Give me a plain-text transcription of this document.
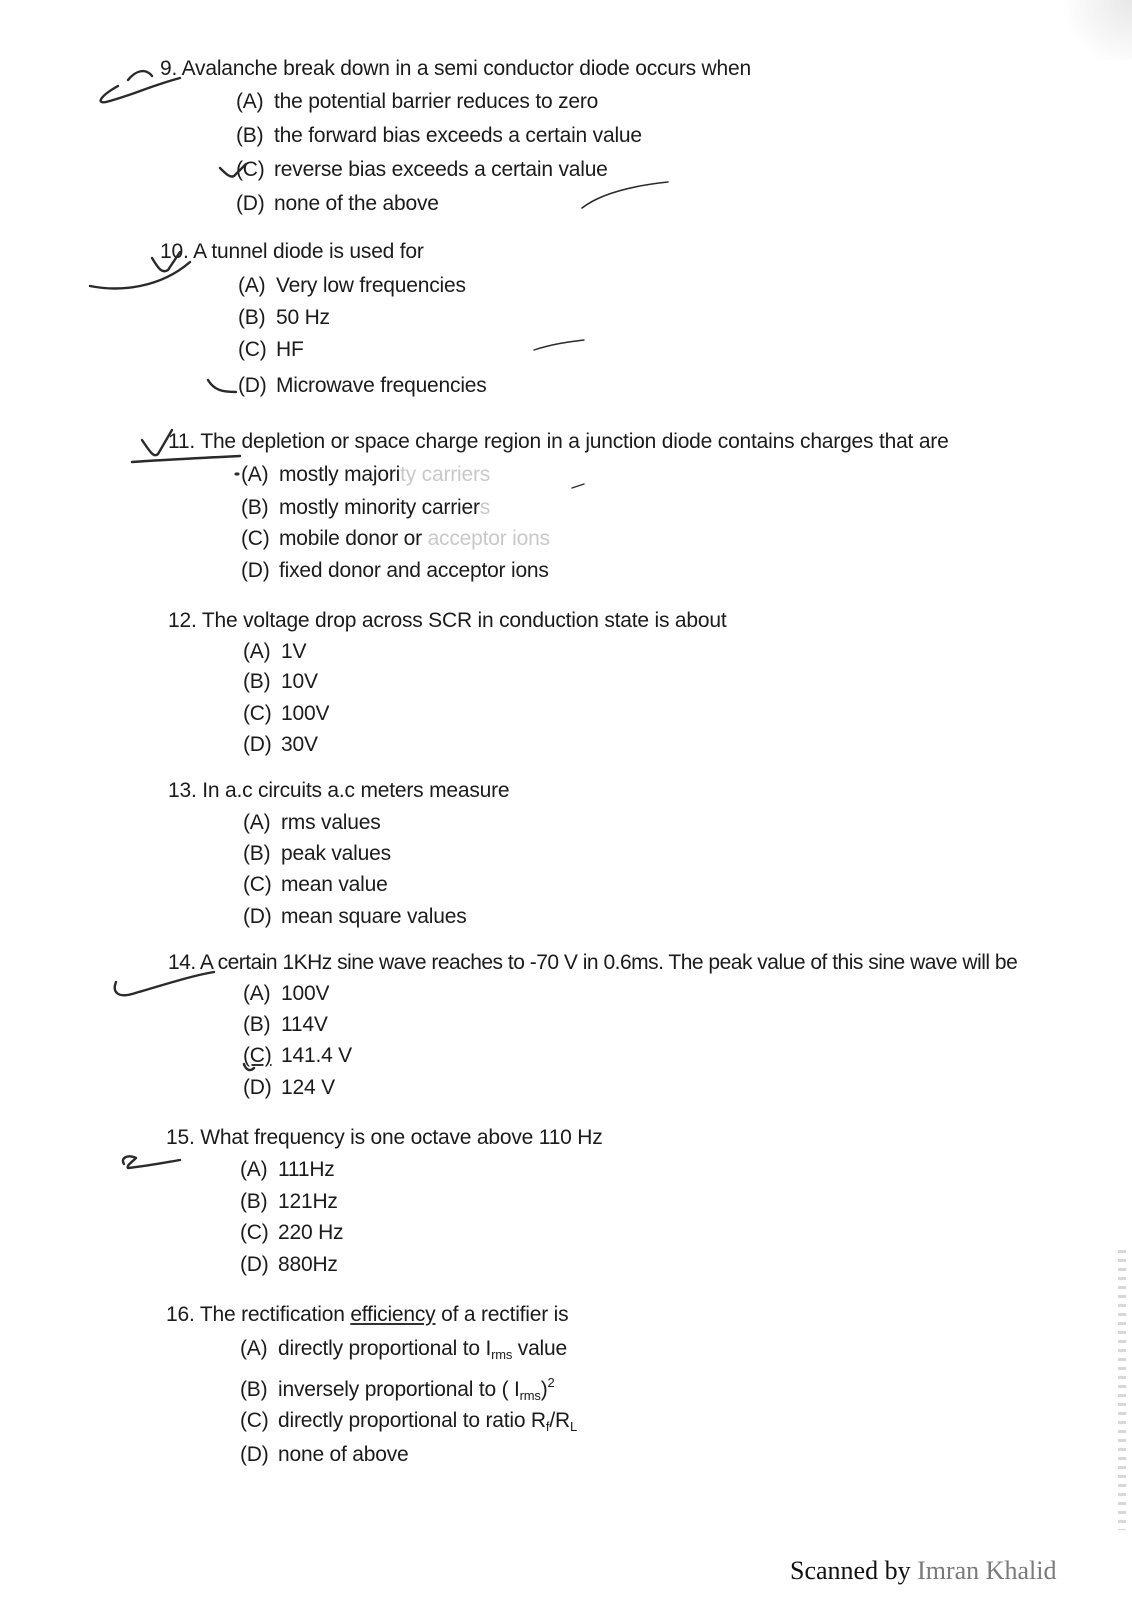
9. Avalanche break down in a semi conductor diode occurs when
(A) the potential barrier reduces to zero
(B) the forward bias exceeds a certain value
(C) reverse bias exceeds a certain value
(D) none of the above
10. A tunnel diode is used for
(A) Very low frequencies
(B) 50 Hz
(C) HF
(D) Microwave frequencies
11. The depletion or space charge region in a junction diode contains charges that are
(A) mostly majority carriers
(B) mostly minority carriers
(C) mobile donor or acceptor ions
(D) fixed donor and acceptor ions
12. The voltage drop across SCR in conduction state is about
(A) 1V
(B) 10V
(C) 100V
(D) 30V
13. In a.c circuits a.c meters measure
(A) rms values
(B) peak values
(C) mean value
(D) mean square values
14. A certain 1KHz sine wave reaches to -70 V in 0.6ms. The peak value of this sine wave will be
(A) 100V
(B) 114V
(C) 141.4 V
(D) 124 V
15. What frequency is one octave above 110 Hz
(A) 111Hz
(B) 121Hz
(C) 220 Hz
(D) 880Hz
16. The rectification efficiency of a rectifier is
(A) directly proportional to $I_{rms}$ value
(B) inversely proportional to ( $I_{rms})^2$
(C) directly proportional to ratio $R_f/R_L$
(D) none of above
Scanned by Imran Khalid
